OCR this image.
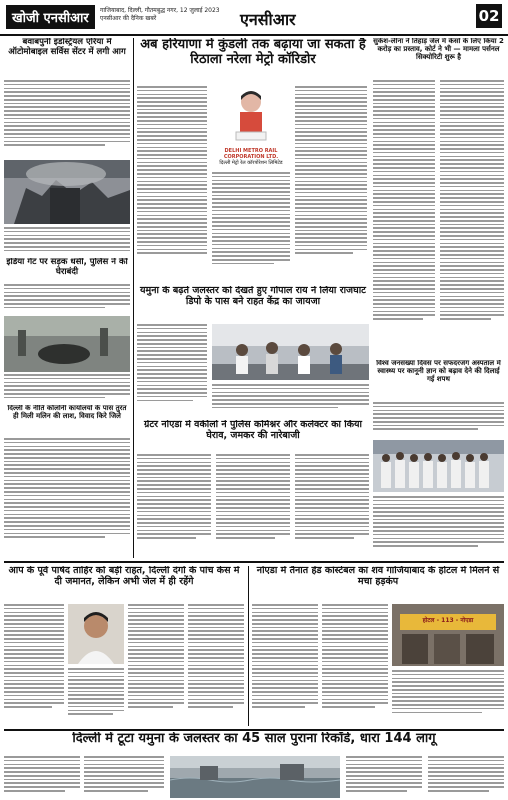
खोजी एनसीआर
गाजियाबाद, दिल्ली, गौतमबुद्ध नगर, 12 जुलाई 2023
एनसीआर की दैनिक खबरें	एनसीआर	02
बवाबपुर्नी इंडस्ट्रियल एरिया में ऑटोमोबाइल सर्विस सेंटर में लगी आग
इंडिया गेट पर सड़क धंसी, पुलिस ने की घेराबंदी
दिल्ली के नीति कॉलोनी कार्यालयों के पास तुरंत ही मिली मलिन की लाश, विवाद किरे जिले
अब हरियाणा में कुंडली तक बढ़ाया जा सकता है रिठाला नरेला मेट्रो कॉरिडोर
DELHI METRO RAIL CORPORATION LTD.
दिल्ली मेट्रो रेल कॉरपोरेशन लिमिटेड
सुकेश-लीना ने तिहाड़ जेल में केसों के लिए किया 2 करोड़ का प्रस्ताव, कोर्ट ने भी — मामला पर्सनल सिक्योरिटी शुरू है
यमुना के बढ़ते जलस्तर को देखते हुए गोपाल राय ने लिया राजघाट डिपो के पास बने राहत केंद्र का जायजा
विश्व जनसंख्या दिवस पर सफदरजंग अस्पताल में स्वास्थ्य पर कानूनी ज्ञान को बढ़ाव देने की दिलाई गई शपथ
ग्रेटर नोएडा में वकीलों ने पुलिस कमिश्नर और कलेक्टर का किया घेराव, जमकर की नारेबाजी
आप के पूर्व पार्षद ताहिर को बड़ी राहत, दिल्ली दंगों के पांच केस में दी जमानत, लेकिन अभी जेल में ही रहेंगे
नोएडा में तैनात हेड कांस्टेबल का शव गाजियाबाद के होटल में मिलने से मचा हड़कंप
होटल - 113 - नोएडा
दिल्ली में टूटा यमुना के जलस्तर का 45 साल पुराना रिकॉर्ड, धारा 144 लागू
